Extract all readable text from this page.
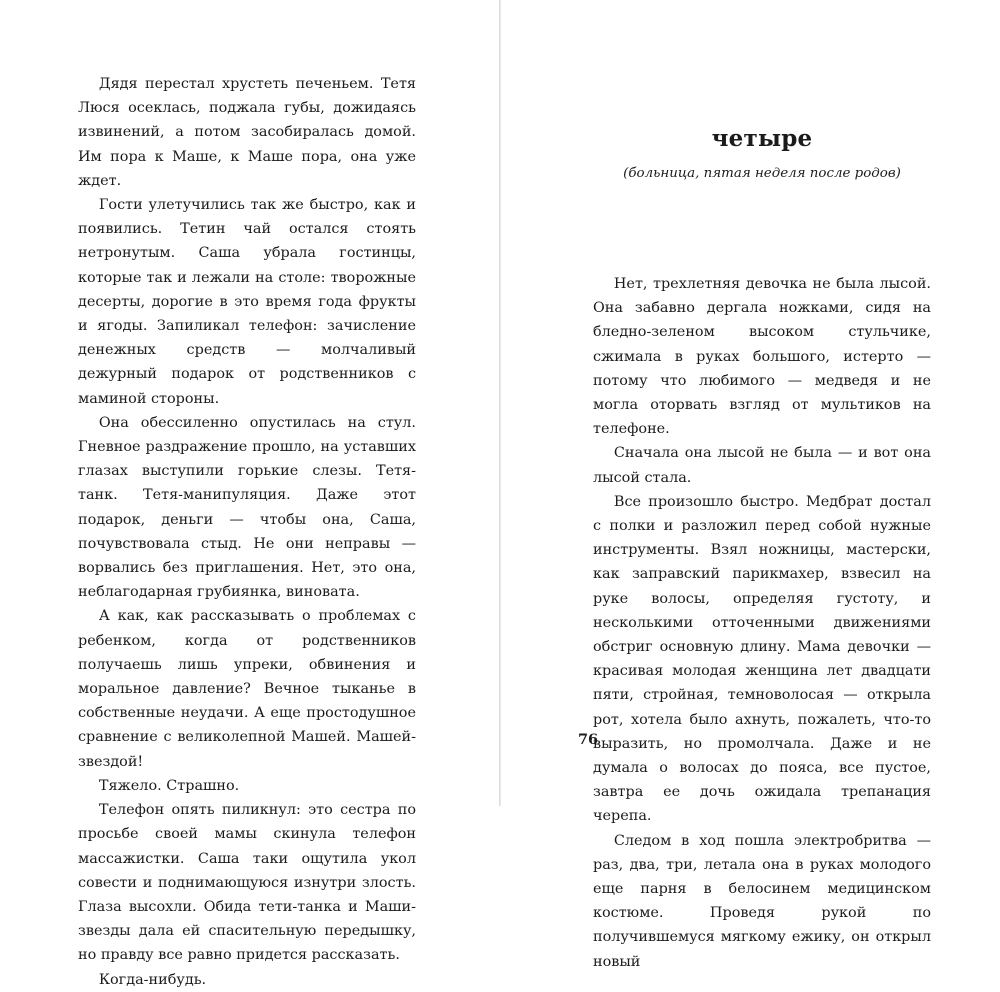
Дядя перестал хрустеть печеньем. Тетя Люся осеклась, поджала губы, дожидаясь извинений, а потом засобиралась домой. Им пора к Маше, к Маше пора, она уже ждет.

Гости улетучились так же быстро, как и появились. Тетин чай остался стоять нетронутым. Саша убрала гостинцы, которые так и лежали на столе: творожные десерты, дорогие в это время года фрукты и ягоды. Запиликал телефон: зачисление денежных средств — молчаливый дежурный подарок от родственников с маминой стороны.

Она обессиленно опустилась на стул. Гневное раздражение прошло, на уставших глазах выступили горькие слезы. Тетя-танк. Тетя-манипуляция. Даже этот подарок, деньги — чтобы она, Саша, почувствовала стыд. Не они неправы — ворвались без приглашения. Нет, это она, неблагодарная грубиянка, виновата.

А как, как рассказывать о проблемах с ребенком, когда от родственников получаешь лишь упреки, обвинения и моральное давление? Вечное тыканье в собственные неудачи. А еще простодушное сравнение с великолепной Машей. Машей-звездой!

Тяжело. Страшно.

Телефон опять пиликнул: это сестра по просьбе своей мамы скинула телефон массажистки. Саша таки ощутила укол совести и поднимающуюся изнутри злость. Глаза высохли. Обида тети-танка и Маши-звезды дала ей спасительную передышку, но правду все равно придется рассказать.

Когда-нибудь.

четыре

(больница, пятая неделя после родов)

Нет, трехлетняя девочка не была лысой. Она забавно дергала ножками, сидя на бледно-зеленом высоком стульчике, сжимала в руках большого, истерто — потому что любимого — медведя и не могла оторвать взгляд от мультиков на телефоне.

Сначала она лысой не была — и вот она лысой стала.

Все произошло быстро. Медбрат достал с полки и разложил перед собой нужные инструменты. Взял ножницы, мастерски, как заправский парикмахер, взвесил на руке волосы, определяя густоту, и несколькими отточенными движениями обстриг основную длину. Мама девочки — красивая молодая женщина лет двадцати пяти, стройная, темноволосая — открыла рот, хотела было ахнуть, пожалеть, что-то выразить, но промолчала. Даже и не думала о волосах до пояса, все пустое, завтра ее дочь ожидала трепанация черепа.

Следом в ход пошла электробритва — раз, два, три, летала она в руках молодого еще парня в белосинем медицинском костюме. Проведя рукой по получившемуся мягкому ежику, он открыл новый

76
